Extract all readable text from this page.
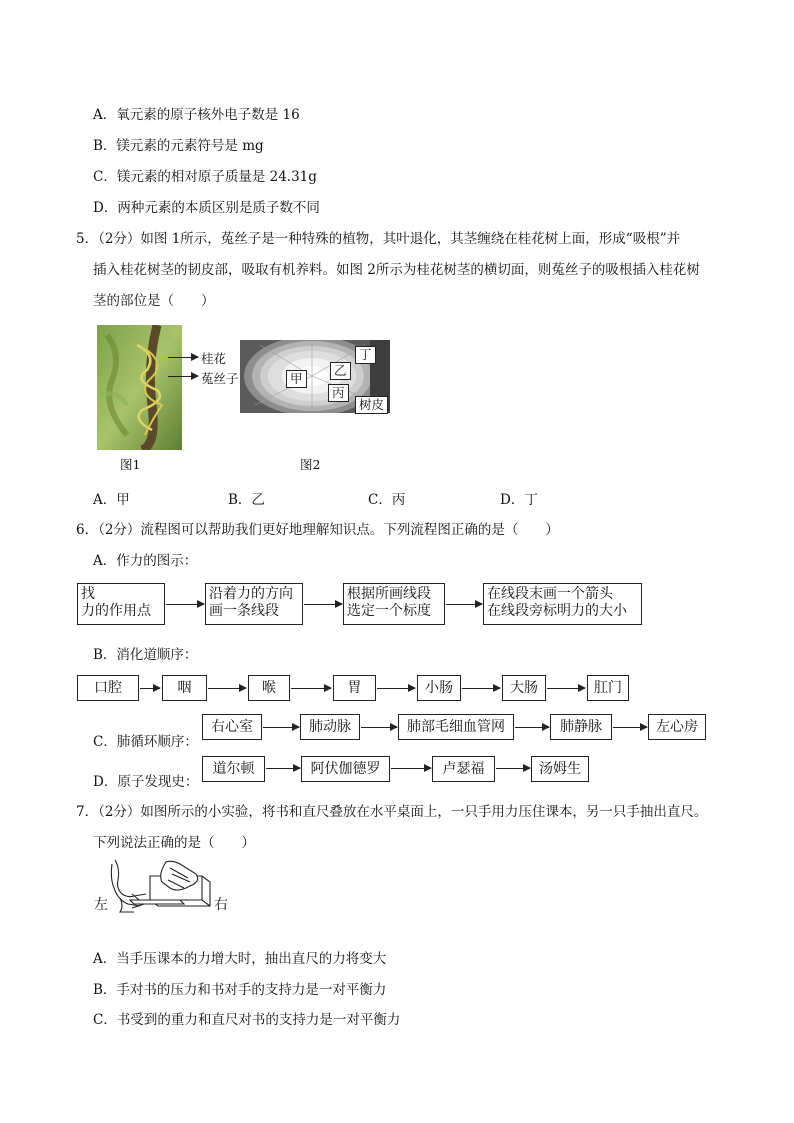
A．氧元素的原子核外电子数是 16
B．镁元素的元素符号是 mg
C．镁元素的相对原子质量是 24.31g
D．两种元素的本质区别是质子数不同
5．（2分）如图 1所示，菟丝子是一种特殊的植物，其叶退化，其茎缠绕在桂花树上面，形成“吸根”并
插入桂花树茎的韧皮部，吸取有机养料。如图 2所示为桂花树茎的横切面，则菟丝子的吸根插入桂花树
茎的部位是（　　）
桂花
菟丝子
图1
甲
乙
丙
丁
树皮
图2
A．甲	B．乙	C．丙	D．丁
6．（2分）流程图可以帮助我们更好地理解知识点。下列流程图正确的是（　　）
A．作力的图示：
找
力的作用点
沿着力的方向
画一条线段
根据所画线段
选定一个标度
在线段末画一个箭头
在线段旁标明力的大小
B．消化道顺序：
口腔	咽	喉	胃	小肠	大肠	肛门
C．肺循环顺序：
右心室	肺动脉	肺部毛细血管网	肺静脉	左心房
D．原子发现史：
道尔顿	阿伏伽德罗	卢瑟福	汤姆生
7．（2分）如图所示的小实验，将书和直尺叠放在水平桌面上，一只手用力压住课本，另一只手抽出直尺。
下列说法正确的是（　　）
左	右
A．当手压课本的力增大时，抽出直尺的力将变大
B．手对书的压力和书对手的支持力是一对平衡力
C．书受到的重力和直尺对书的支持力是一对平衡力
